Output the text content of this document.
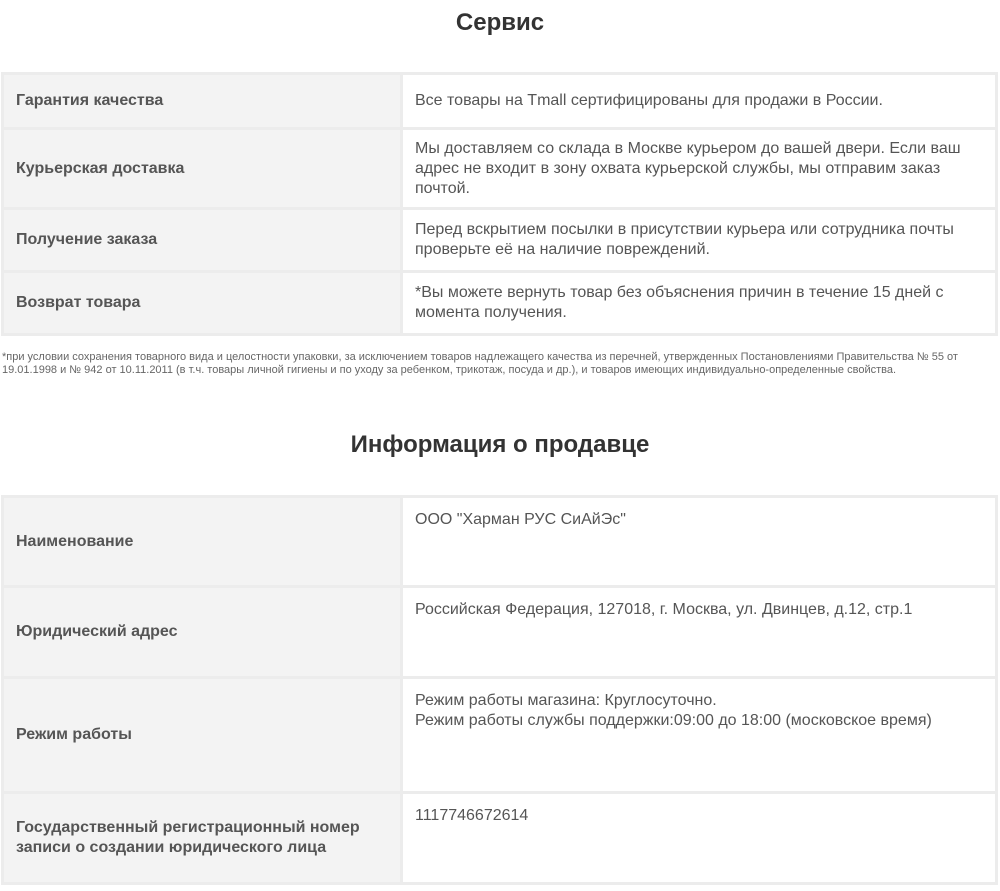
Сервис
Гарантия качества	Все товары на Tmall сертифицированы для продажи в России.
Курьерская доставка	Мы доставляем со склада в Москве курьером до вашей двери. Если ваш адрес не входит в зону охвата курьерской службы, мы отправим заказ почтой.
Получение заказа	Перед вскрытием посылки в присутствии курьера или сотрудника почты проверьте её на наличие повреждений.
Возврат товара	*Вы можете вернуть товар без объяснения причин в течение 15 дней с момента получения.
*при условии сохранения товарного вида и целостности упаковки, за исключением товаров надлежащего качества из перечней, утвержденных Постановлениями Правительства № 55 от 19.01.1998 и № 942 от 10.11.2011 (в т.ч. товары личной гигиены и по уходу за ребенком, трикотаж, посуда и др.), и товаров имеющих индивидуально-определенные свойства.
Информация о продавце
Наименование	ООО "Харман РУС СиАйЭс"
Юридический адрес	Российская Федерация, 127018, г. Москва, ул. Двинцев, д.12, стр.1
Режим работы	Режим работы магазина: Круглосуточно.
Режим работы службы поддержки:09:00 до 18:00 (московское время)

Государственный регистрационный номер записи о создании юридического лица	1117746672614
